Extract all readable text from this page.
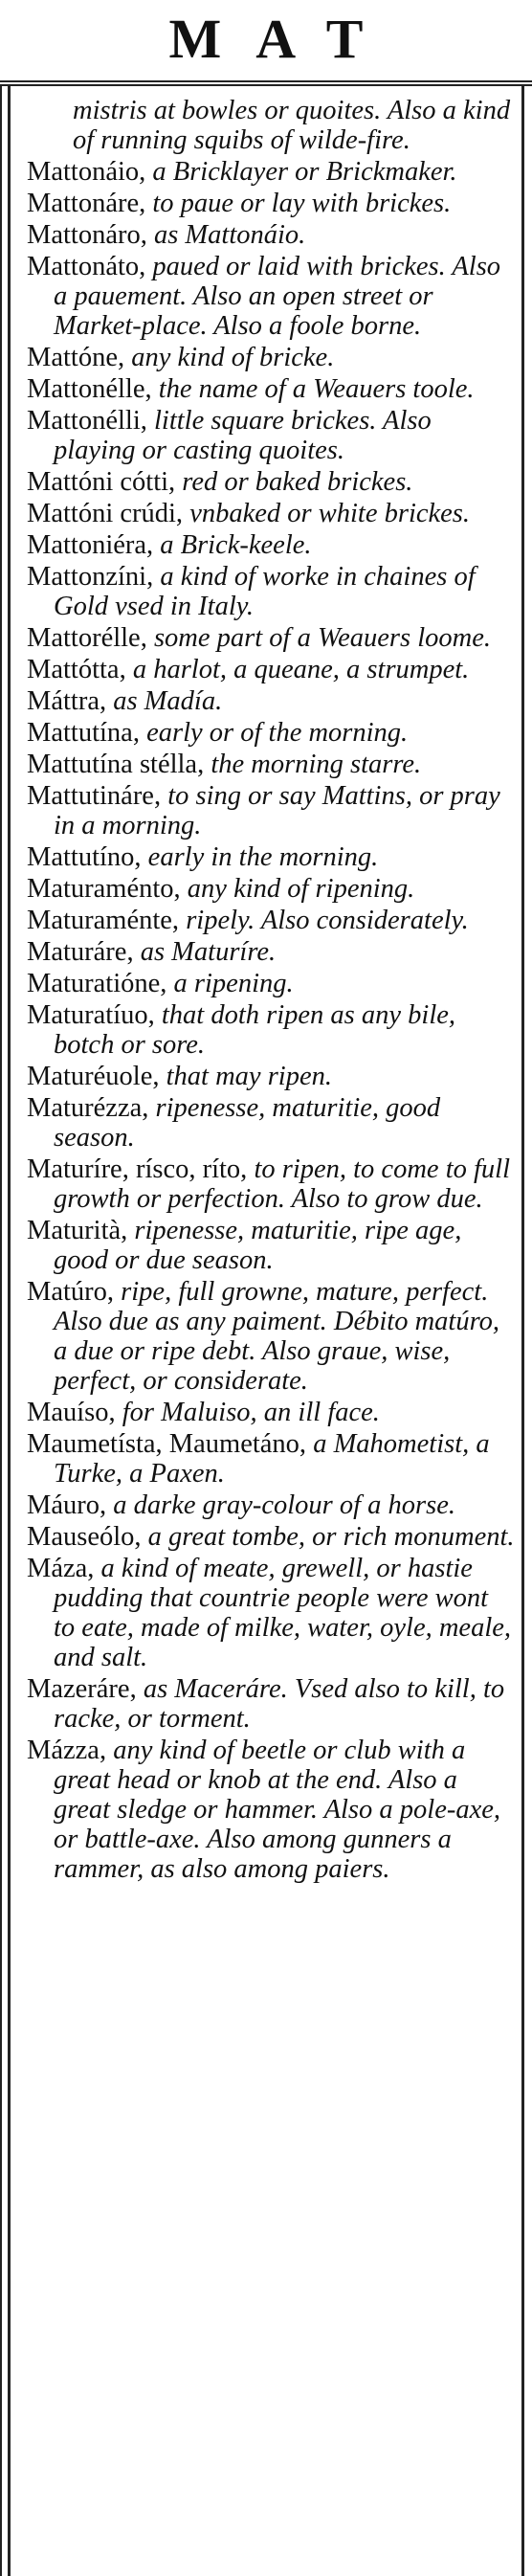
MAT
mistris at bowles or quoites. Also a kind of running squibs of wilde-fire.
Mattonáio, a Bricklayer or Brickmaker.
Mattonáre, to paue or lay with brickes.
Mattonáro, as Mattonáio.
Mattonáto, paued or laid with brickes. Also a pauement. Also an open street or Market-place. Also a foole borne.
Mattóne, any kind of bricke.
Mattonélle, the name of a Weauers toole.
Mattonélli, little square brickes. Also playing or casting quoites.
Mattóni cótti, red or baked brickes.
Mattóni crúdi, vnbaked or white brickes.
Mattoniéra, a Brick-keele.
Mattonzíni, a kind of worke in chaines of Gold vsed in Italy.
Mattorélle, some part of a Weauers loome.
Mattótta, a harlot, a queane, a strumpet.
Máttra, as Madía.
Mattutína, early or of the morning.
Mattutína stélla, the morning starre.
Mattutináre, to sing or say Mattins, or pray in a morning.
Mattutíno, early in the morning.
Maturaménto, any kind of ripening.
Maturaménte, ripely. Also considerately.
Maturáre, as Maturíre.
Maturatióne, a ripening.
Maturatíuo, that doth ripen as any bile, botch or sore.
Maturéuole, that may ripen.
Maturézza, ripenesse, maturitie, good season.
Maturíre, rísco, ríto, to ripen, to come to full growth or perfection. Also to grow due.
Maturità, ripenesse, maturitie, ripe age, good or due season.
Matúro, ripe, full growne, mature, perfect. Also due as any paiment. Débito matúro, a due or ripe debt. Also graue, wise, perfect, or considerate.
Mauíso, for Maluiso, an ill face.
Maumetísta, Maumetáno, a Mahometist, a Turke, a Paxen.
Máuro, a darke gray-colour of a horse.
Mauseólo, a great tombe, or rich monument.
Máza, a kind of meate, grewell, or hastie pudding that countrie people were wont to eate, made of milke, water, oyle, meale, and salt.
Mazeráre, as Maceráre. Vsed also to kill, to racke, or torment.
Mázza, any kind of beetle or club with a great head or knob at the end. Also a great sledge or hammer. Also a pole-axe, or battle-axe. Also among gunners a rammer, as also among paiers.
